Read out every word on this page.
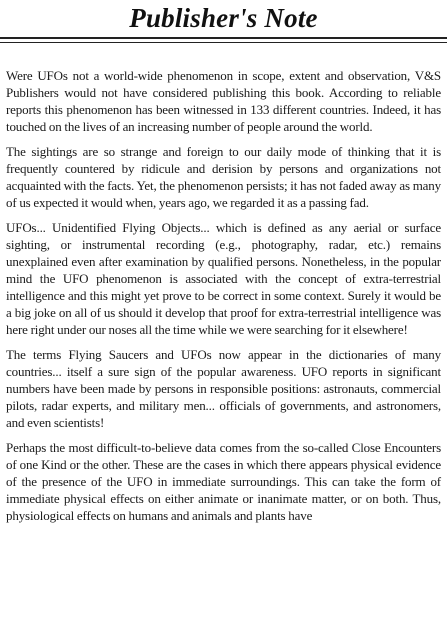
Publisher's Note

Were UFOs not a world-wide phenomenon in scope, extent and observation, V&S Publishers would not have considered publishing this book. According to reliable reports this phenomenon has been witnessed in 133 different countries. Indeed, it has touched on the lives of an increasing number of people around the world.

The sightings are so strange and foreign to our daily mode of thinking that it is frequently countered by ridicule and derision by persons and organizations not acquainted with the facts. Yet, the phenomenon persists; it has not faded away as many of us expected it would when, years ago, we regarded it as a passing fad.

UFOs... Unidentified Flying Objects... which is defined as any aerial or surface sighting, or instrumental recording (e.g., photography, radar, etc.) remains unexplained even after examination by qualified persons. Nonetheless, in the popular mind the UFO phenomenon is associated with the concept of extra-terrestrial intelligence and this might yet prove to be correct in some context. Surely it would be a big joke on all of us should it develop that proof for extra-terrestrial intelligence was here right under our noses all the time while we were searching for it elsewhere!

The terms Flying Saucers and UFOs now appear in the dictionaries of many countries... itself a sure sign of the popular awareness. UFO reports in significant numbers have been made by persons in responsible positions: astronauts, commercial pilots, radar experts, and military men... officials of governments, and astronomers, and even scientists!

Perhaps the most difficult-to-believe data comes from the so-called Close Encounters of one Kind or the other. These are the cases in which there appears physical evidence of the presence of the UFO in immediate surroundings. This can take the form of immediate physical effects on either animate or inanimate matter, or on both. Thus, physiological effects on humans and animals and plants have
